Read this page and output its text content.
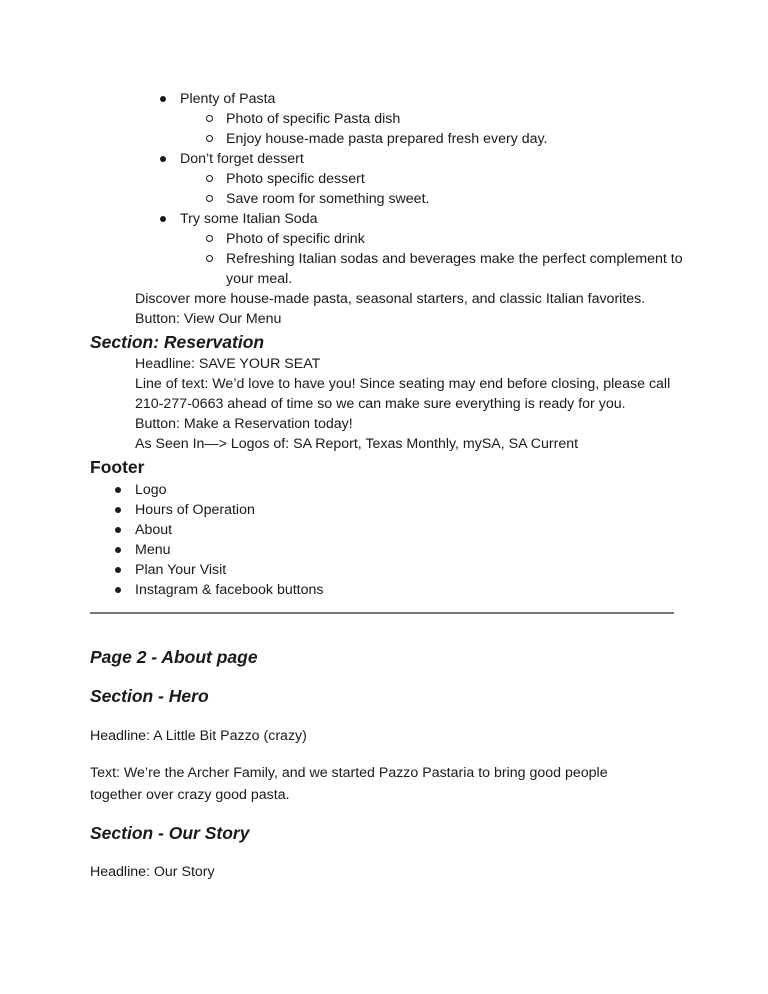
Plenty of Pasta
Photo of specific Pasta dish
Enjoy house-made pasta prepared fresh every day.
Don’t forget dessert
Photo specific dessert
Save room for something sweet.
Try some Italian Soda
Photo of specific drink
Refreshing Italian sodas and beverages make the perfect complement to
your meal.
Discover more house-made pasta, seasonal starters, and classic Italian favorites.
Button: View Our Menu
Section: Reservation
Headline: SAVE YOUR SEAT
Line of text: We’d love to have you! Since seating may end before closing, please call
210-277-0663 ahead of time so we can make sure everything is ready for you.
Button: Make a Reservation today!
As Seen In—> Logos of: SA Report, Texas Monthly, mySA, SA Current
Footer
Logo
Hours of Operation
About
Menu
Plan Your Visit
Instagram & facebook buttons
Page 2 - About page
Section - Hero
Headline: A Little Bit Pazzo (crazy)
Text: We’re the Archer Family, and we started Pazzo Pastaria to bring good people
together over crazy good pasta.
Section - Our Story
Headline: Our Story
